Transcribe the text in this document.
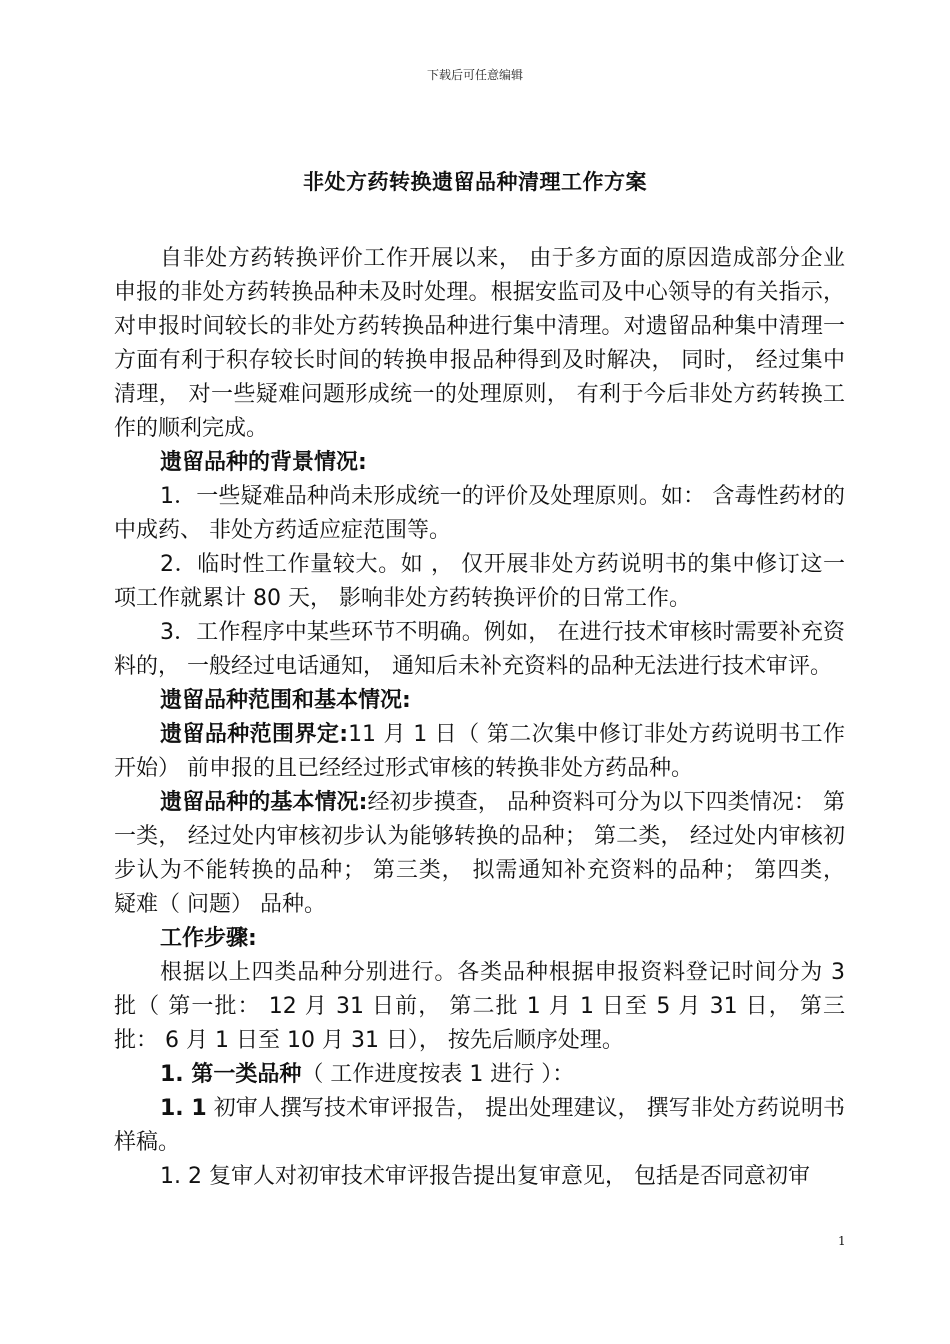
下载后可任意编辑
非处方药转换遗留品种清理工作方案

自非处方药转换评价工作开展以来， 由于多方面的原因造成部分企业申报的非处方药转换品种未及时处理。根据安监司及中心领导的有关指示， 对申报时间较长的非处方药转换品种进行集中清理。对遗留品种集中清理一方面有利于积存较长时间的转换申报品种得到及时解决， 同时， 经过集中清理， 对一些疑难问题形成统一的处理原则， 有利于今后非处方药转换工作的顺利完成。

遗留品种的背景情况:

1．一些疑难品种尚未形成统一的评价及处理原则。如： 含毒性药材的中成药、 非处方药适应症范围等。

2．临时性工作量较大。如 ， 仅开展非处方药说明书的集中修订这一项工作就累计 80 天， 影响非处方药转换评价的日常工作。

3．工作程序中某些环节不明确。例如， 在进行技术审核时需要补充资料的， 一般经过电话通知， 通知后未补充资料的品种无法进行技术审评。

遗留品种范围和基本情况:

遗留品种范围界定:11 月 1 日（ 第二次集中修订非处方药说明书工作开始） 前申报的且已经经过形式审核的转换非处方药品种。

遗留品种的基本情况:经初步摸查， 品种资料可分为以下四类情况： 第一类， 经过处内审核初步认为能够转换的品种； 第二类， 经过处内审核初步认为不能转换的品种； 第三类， 拟需通知补充资料的品种； 第四类， 疑难（ 问题） 品种。

工作步骤:

根据以上四类品种分别进行。各类品种根据申报资料登记时间分为 3 批（ 第一批： 12 月 31 日前， 第二批 1 月 1 日至 5 月 31 日， 第三批： 6 月 1 日至 10 月 31 日）， 按先后顺序处理。

1. 第一类品种（ 工作进度按表 1 进行 ）：

1. 1 初审人撰写技术审评报告， 提出处理建议， 撰写非处方药说明书样稿。

1. 2 复审人对初审技术审评报告提出复审意见， 包括是否同意初审

1
